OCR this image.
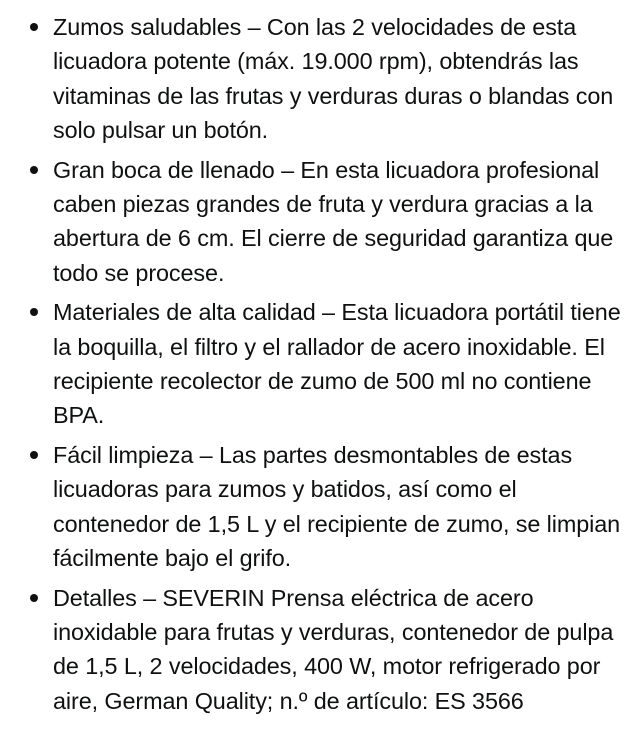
Zumos saludables – Con las 2 velocidades de esta licuadora potente (máx. 19.000 rpm), obtendrás las vitaminas de las frutas y verduras duras o blandas con solo pulsar un botón.
Gran boca de llenado – En esta licuadora profesional caben piezas grandes de fruta y verdura gracias a la abertura de 6 cm. El cierre de seguridad garantiza que todo se procese.
Materiales de alta calidad – Esta licuadora portátil tiene la boquilla, el filtro y el rallador de acero inoxidable. El recipiente recolector de zumo de 500 ml no contiene BPA.
Fácil limpieza – Las partes desmontables de estas licuadoras para zumos y batidos, así como el contenedor de 1,5 L y el recipiente de zumo, se limpian fácilmente bajo el grifo.
Detalles – SEVERIN Prensa eléctrica de acero inoxidable para frutas y verduras, contenedor de pulpa de 1,5 L, 2 velocidades, 400 W, motor refrigerado por aire, German Quality; n.º de artículo: ES 3566
